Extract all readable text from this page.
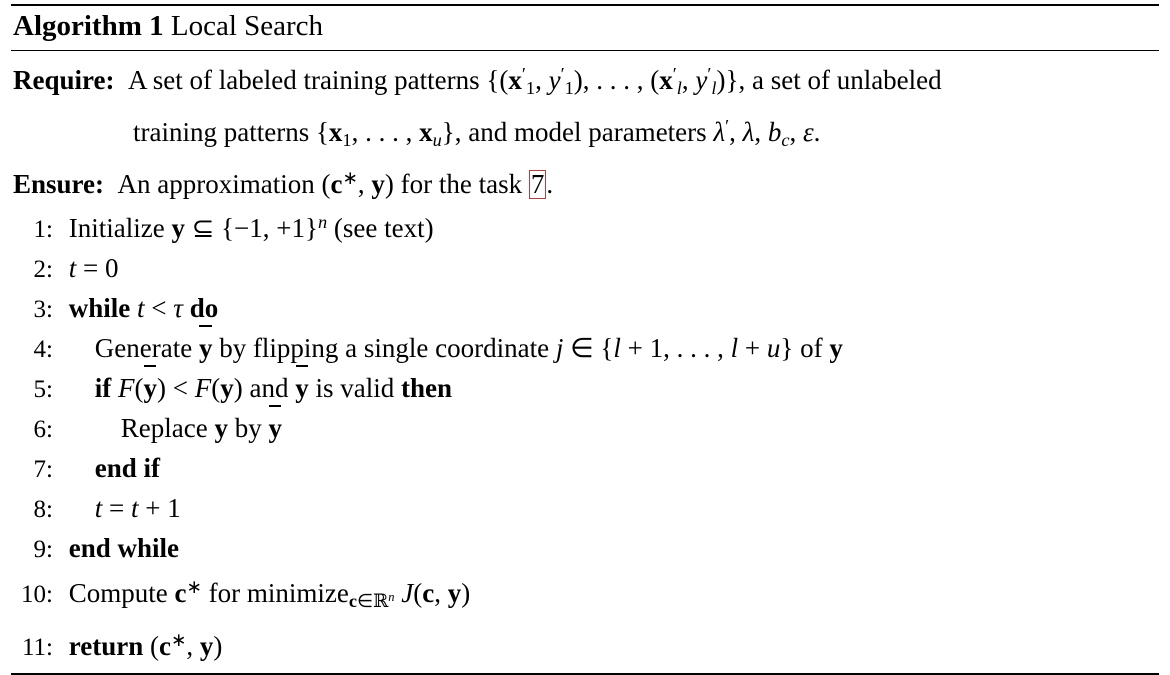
Algorithm 1 Local Search
Require:  A set of labeled training patterns {($x'_1$, $y'_1$), . . . , ($x'_l$, $y'_l$)}, a set of unlabeled
training patterns {$x_1$, . . . , $x_u$}, and model parameters λ′, λ, $b_c$, ε.
Ensure:  An approximation (c∗, y) for the task 7.
1: Initialize y ⊆ {−1, +1}$^n$ (see text)
2: t = 0
3: while t < τ do
4: Generate y by flipping a single coordinate j ∈ {l + 1, . . . , l + u} of y
5: if F(y) < F(y) and y is valid then
6:	Replace y by y
7: end if
8: t = t + 1
9: end while
10: Compute c∗ for minimize$_{c\in ℝ^n}$ J(c, y)
11: return (c∗, y)
